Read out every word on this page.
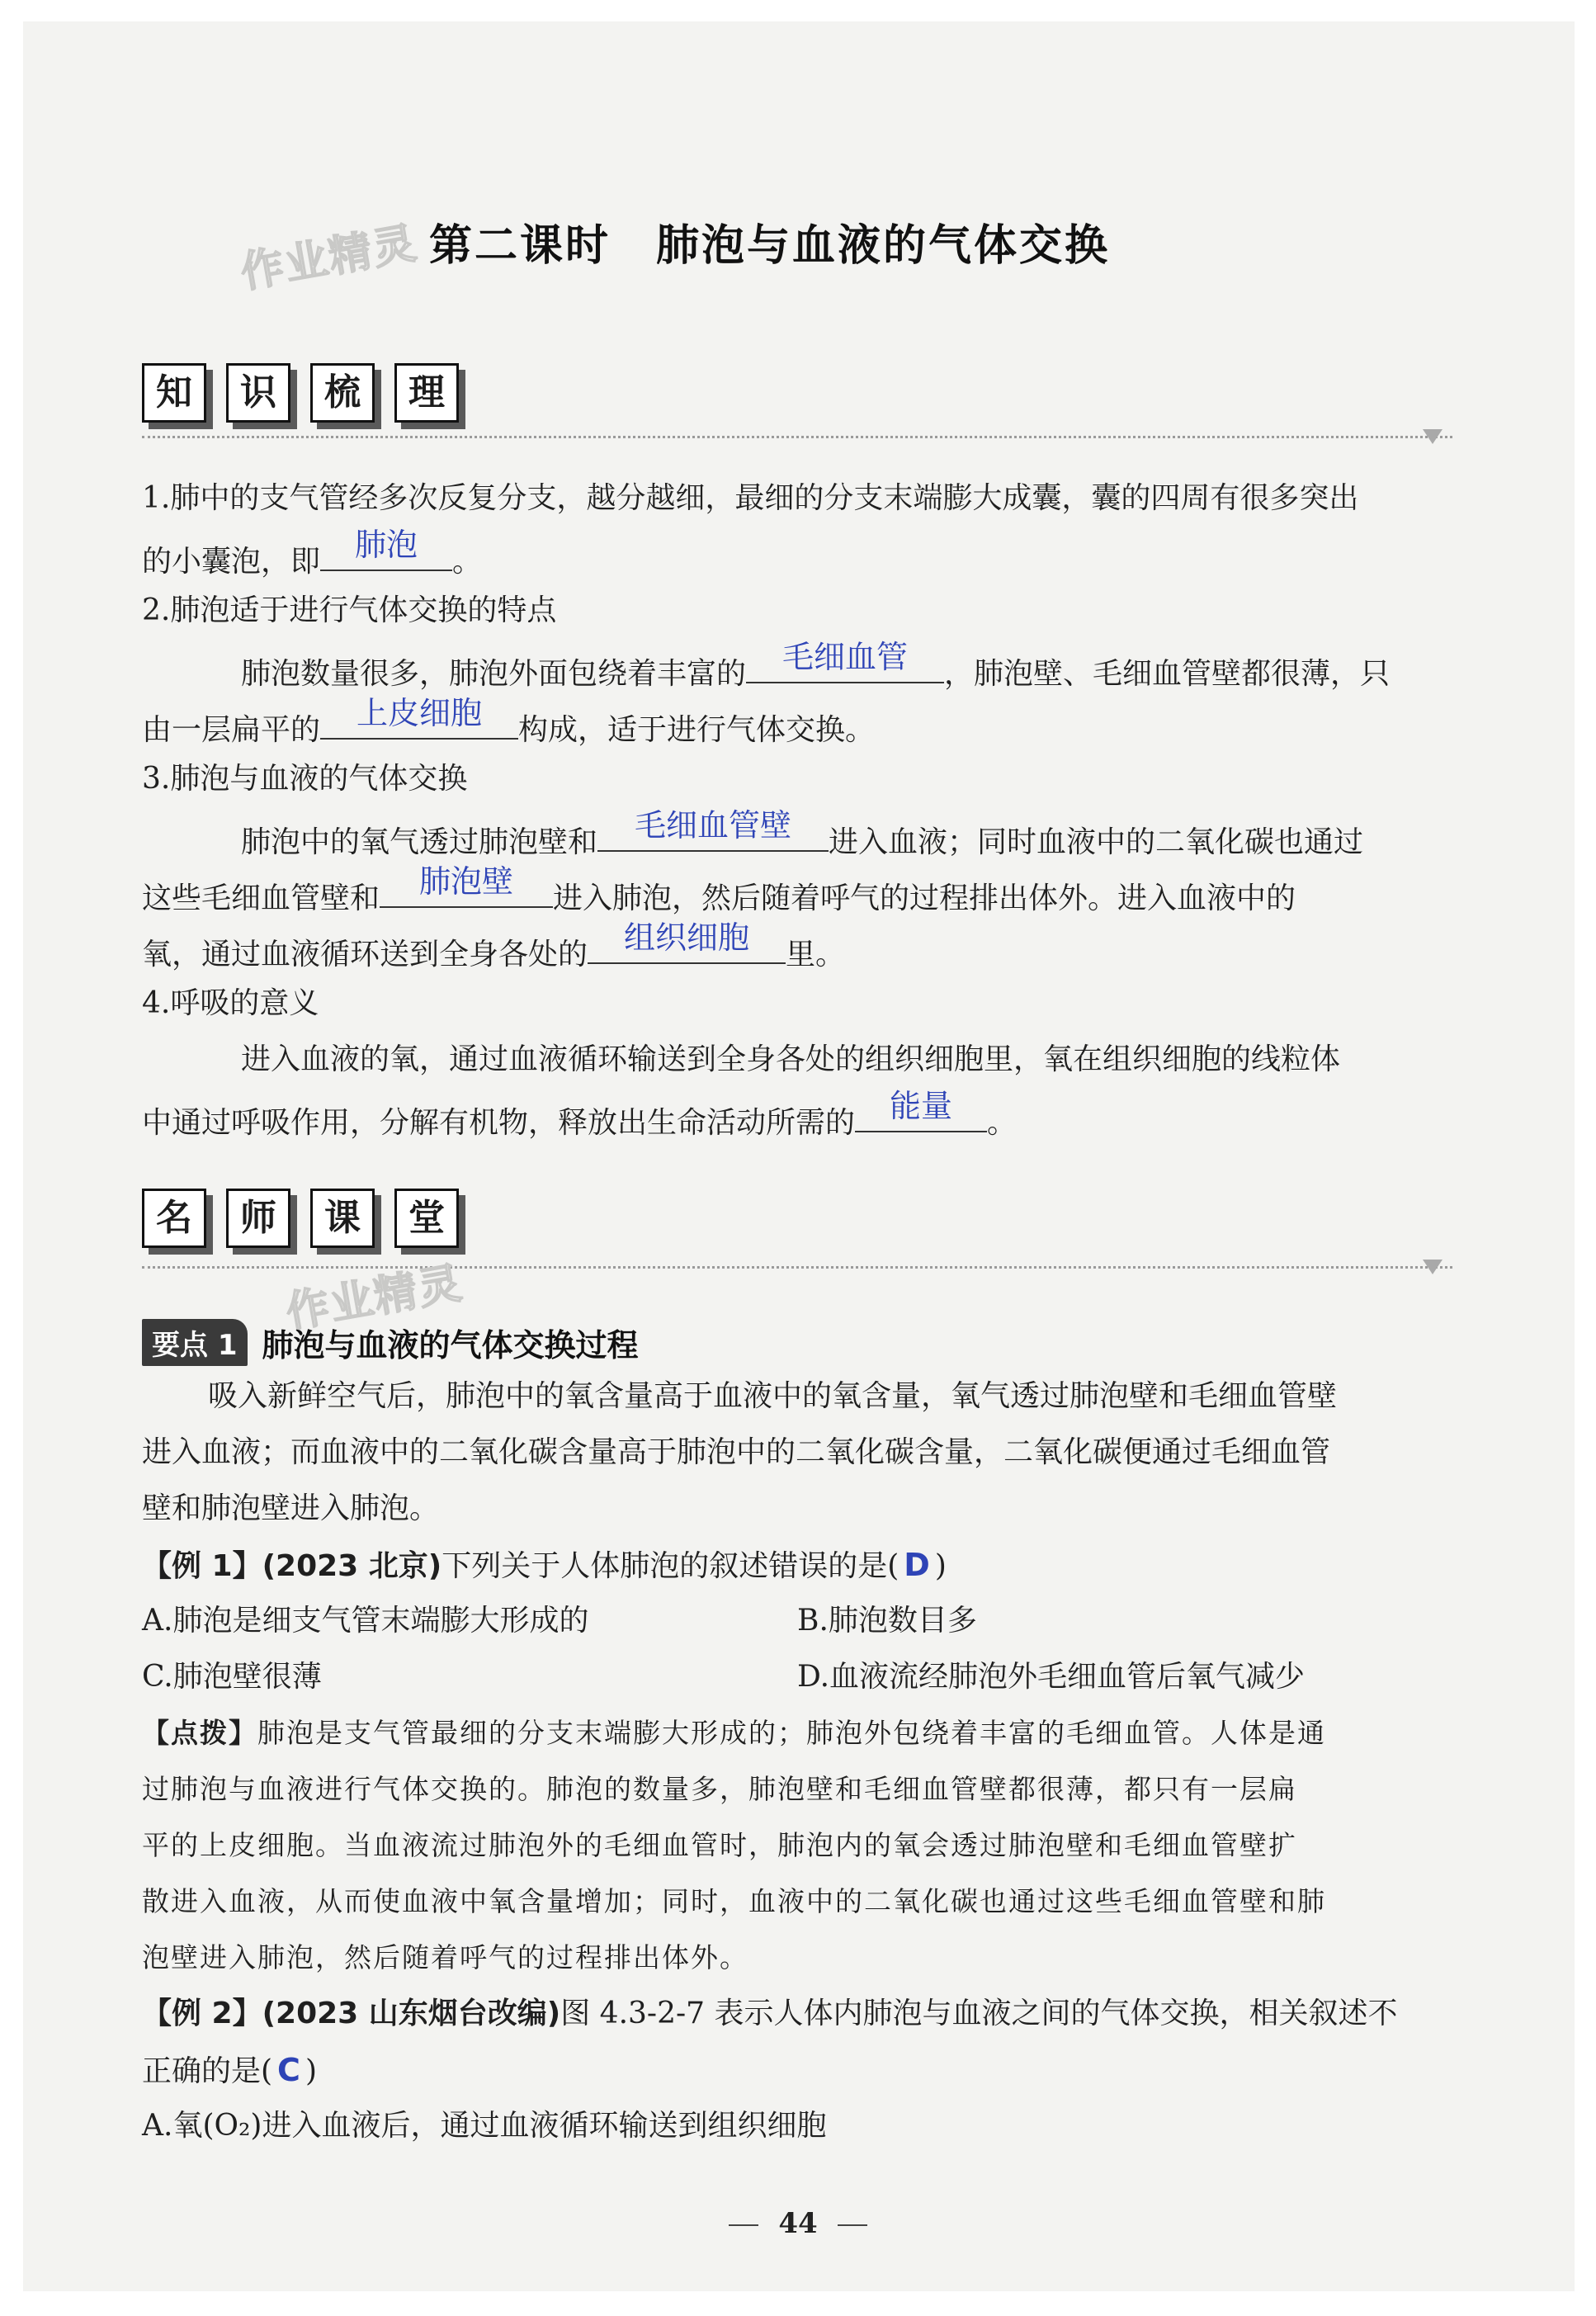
作业精灵 第二课时　肺泡与血液的气体交换
知	识	梳	理
1.肺中的支气管经多次反复分支，越分越细，最细的分支末端膨大成囊，囊的四周有很多突出
的小囊泡，即	肺泡	。
2.肺泡适于进行气体交换的特点
肺泡数量很多，肺泡外面包绕着丰富的	毛细血管	，肺泡壁、毛细血管壁都很薄，只
由一层扁平的	上皮细胞	构成，适于进行气体交换。
3.肺泡与血液的气体交换
肺泡中的氧气透过肺泡壁和	毛细血管壁	进入血液；同时血液中的二氧化碳也通过
这些毛细血管壁和	肺泡壁	进入肺泡，然后随着呼气的过程排出体外。进入血液中的
氧，通过血液循环送到全身各处的	组织细胞	里。
4.呼吸的意义
进入血液的氧，通过血液循环输送到全身各处的组织细胞里，氧在组织细胞的线粒体
中通过呼吸作用，分解有机物，释放出生命活动所需的	能量	。
名	师	课	堂
作业精灵
要点 1 肺泡与血液的气体交换过程
吸入新鲜空气后，肺泡中的氧含量高于血液中的氧含量，氧气透过肺泡壁和毛细血管壁
进入血液；而血液中的二氧化碳含量高于肺泡中的二氧化碳含量，二氧化碳便通过毛细血管
壁和肺泡壁进入肺泡。
【例 1】(2023 北京)下列关于人体肺泡的叙述错误的是( D )
A.肺泡是细支气管末端膨大形成的	B.肺泡数目多
C.肺泡壁很薄	D.血液流经肺泡外毛细血管后氧气减少
【点拨】肺泡是支气管最细的分支末端膨大形成的；肺泡外包绕着丰富的毛细血管。人体是通
过肺泡与血液进行气体交换的。肺泡的数量多，肺泡壁和毛细血管壁都很薄，都只有一层扁
平的上皮细胞。当血液流过肺泡外的毛细血管时，肺泡内的氧会透过肺泡壁和毛细血管壁扩
散进入血液，从而使血液中氧含量增加；同时，血液中的二氧化碳也通过这些毛细血管壁和肺
泡壁进入肺泡，然后随着呼气的过程排出体外。
【例 2】(2023 山东烟台改编)图 4.3-2-7 表示人体内肺泡与血液之间的气体交换，相关叙述不
正确的是( C )
A.氧(O₂)进入血液后，通过血液循环输送到组织细胞
44
